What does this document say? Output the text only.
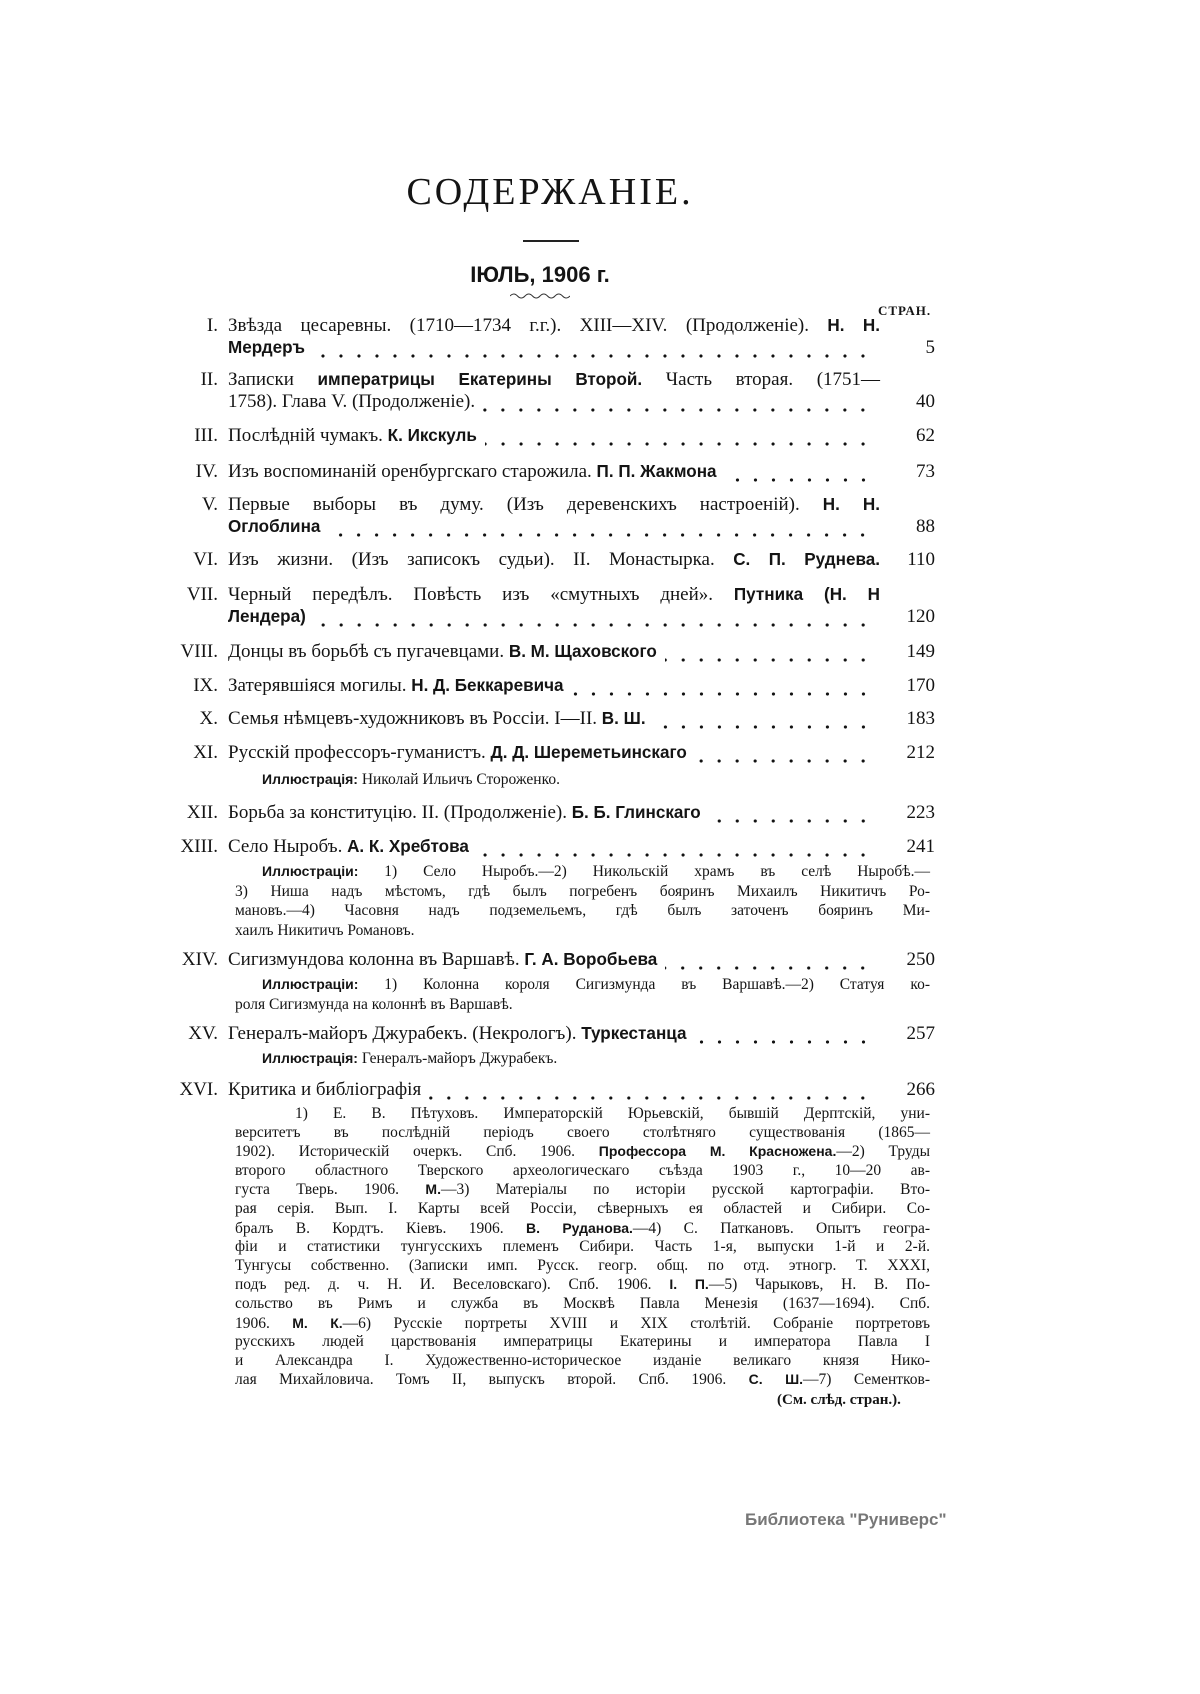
СОДЕРЖАНІЕ.
ІЮЛЬ, 1906 г.
СТРАН.
I. Звѣзда цесаревны. (1710—1734 г.г.). XIII—XIV. (Продолженіе). Н. Н.
Мердеръ	5
II. Записки императрицы Екатерины Второй. Часть вторая. (1751—
1758). Глава V. (Продолженіе).	40
III. Послѣдній чумакъ.
К. Икскуль	62
IV. Изъ воспоминаній оренбургскаго старожила.
П. П. Жакмона	73
V. Первые выборы въ думу. (Изъ деревенскихъ настроеній). Н. Н.
Оглоблина	88
VI. Изъ жизни. (Изъ записокъ судьи). II. Монастырка. С. П. Руднева.	110
VII. Черный передѣлъ. Повѣсть изъ «смутныхъ дней». Путника (Н. Н
Лендера)	120
VIII. Донцы въ борьбѣ съ пугачевцами.
В. М. Щаховского	149
IX. Затерявшіяся могилы.
Н. Д. Беккаревича	170
X. Семья нѣмцевъ-художниковъ въ Россіи. I—II.
В. Ш.	183
XI. Русскій профессоръ-гуманистъ.
Д. Д. Шереметьинскаго	212
Иллюстрація: Николай Ильичъ Стороженко.
XII. Борьба за конституцію. II. (Продолженіе).
Б. Б. Глинскаго	223
XIII. Село Ныробъ.
А. К. Хребтова	241
Иллюстраціи: 1) Село Ныробъ.—2) Никольскій храмъ въ селѣ Ныробѣ.—
3) Ниша надъ мѣстомъ, гдѣ былъ погребенъ бояринъ Михаилъ Никитичъ Ро-
мановъ.—4) Часовня надъ подземельемъ, гдѣ былъ заточенъ бояринъ Ми-
хаилъ Никитичъ Романовъ.
XIV. Сигизмундова колонна въ Варшавѣ.
Г. А. Воробьева	250
Иллюстраціи: 1) Колонна короля Сигизмунда въ Варшавѣ.—2) Статуя ко-
роля Сигизмунда на колоннѣ въ Варшавѣ.
XV. Генералъ-майоръ Джурабекъ. (Некрологъ).
Туркестанца	257
Иллюстрація: Генералъ-майоръ Джурабекъ.
XVI. Критика и библіографія	266
1) Е. В. Пѣтуховъ. Императорскій Юрьевскій, бывшій Дерптскій, уни-
верситетъ въ послѣдній періодъ своего столѣтняго существованія (1865—
1902). Историческій очеркъ. Спб. 1906. Профессора М. Красножена.—2) Труды
второго областного Тверского археологическаго съѣзда 1903 г., 10—20 ав-
густа Тверь. 1906. М.—3) Матеріалы по исторіи русской картографіи. Вто-
рая серія. Вып. I. Карты всей Россіи, сѣверныхъ ея областей и Сибири. Со-
бралъ В. Кордтъ. Кіевъ. 1906. В. Руданова.—4) С. Паткановъ. Опытъ геогра-
фіи и статистики тунгусскихъ племенъ Сибири. Часть 1-я, выпуски 1-й и 2-й.
Тунгусы собственно. (Записки имп. Русск. геогр. общ. по отд. этногр. Т. XXXI,
подъ ред. д. ч. Н. И. Веселовскаго). Спб. 1906. І. П.—5) Чарыковъ, Н. В. По-
сольство въ Римъ и служба въ Москвѣ Павла Менезія (1637—1694). Спб.
1906. М. К.—6) Русскіе портреты XVIII и XIX столѣтій. Собраніе портретовъ
русскихъ людей царствованія императрицы Екатерины и императора Павла I
и Александра I. Художественно-историческое изданіе великаго князя Нико-
лая Михайловича. Томъ II, выпускъ второй. Спб. 1906. С. Ш.—7) Сементков-
(См. слѣд. стран.).
Библиотека "Руниверс"
